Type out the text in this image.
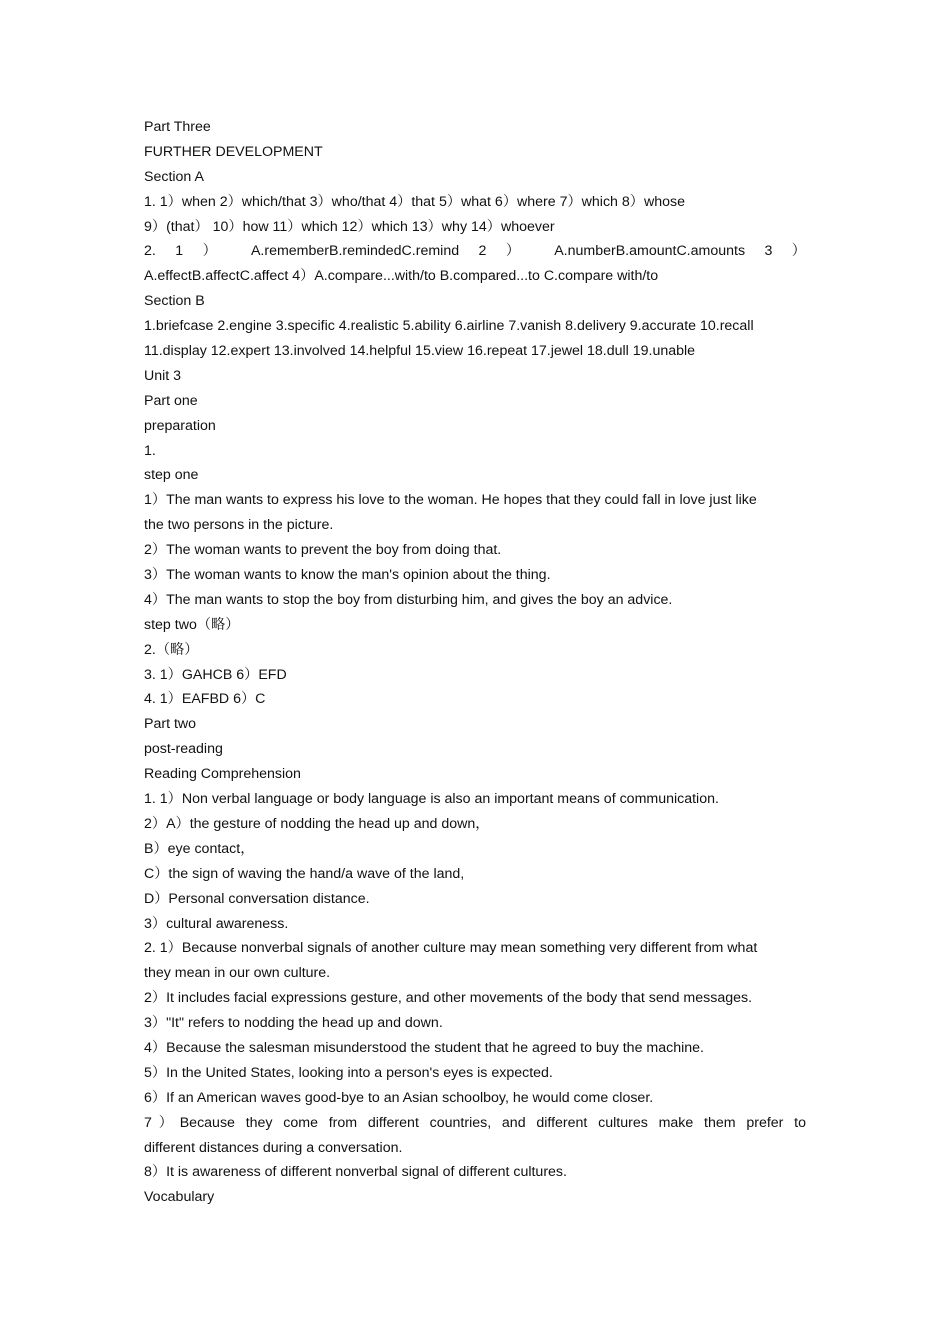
Part Three
FURTHER DEVELOPMENT
Section A
1. 1）when 2）which/that 3）who/that 4）that 5）what 6）where 7）which 8）whose
9）(that） 10）how 11）which 12）which 13）why 14）whoever
2. 1 ） A.rememberB.remindedC.remind 2 ） A.numberB.amountC.amounts 3 ）
A.effectB.affectC.affect 4）A.compare...with/to B.compared...to C.compare with/to
Section B
1.briefcase 2.engine 3.specific 4.realistic 5.ability 6.airline 7.vanish 8.delivery 9.accurate 10.recall
11.display 12.expert 13.involved 14.helpful 15.view 16.repeat 17.jewel 18.dull 19.unable
Unit 3
Part one
preparation
1.
step one
1）The man wants to express his love to the woman. He hopes that they could fall in love just like
the two persons in the picture.
2）The woman wants to prevent the boy from doing that.
3）The woman wants to know the man's opinion about the thing.
4）The man wants to stop the boy from disturbing him, and gives the boy an advice.
step two（略）
2.（略）
3. 1）GAHCB 6）EFD
4. 1）EAFBD 6）C
Part two
post-reading
Reading Comprehension
1. 1）Non verbal language or body language is also an important means of communication.
2）A）the gesture of nodding the head up and down，
B）eye contact，
C）the sign of waving the hand/a wave of the land,
D）Personal conversation distance.
3）cultural awareness.
2. 1）Because nonverbal signals of another culture may mean something very different from what
they mean in our own culture.
2）It includes facial expressions gesture, and other movements of the body that send messages.
3）"It" refers to nodding the head up and down.
4）Because the salesman misunderstood the student that he agreed to buy the machine.
5）In the United States, looking into a person's eyes is expected.
6）If an American waves good-bye to an Asian schoolboy, he would come closer.
7）Because they come from different countries, and different cultures make them prefer to
different distances during a conversation.
8）It is awareness of different nonverbal signal of different cultures.
Vocabulary
